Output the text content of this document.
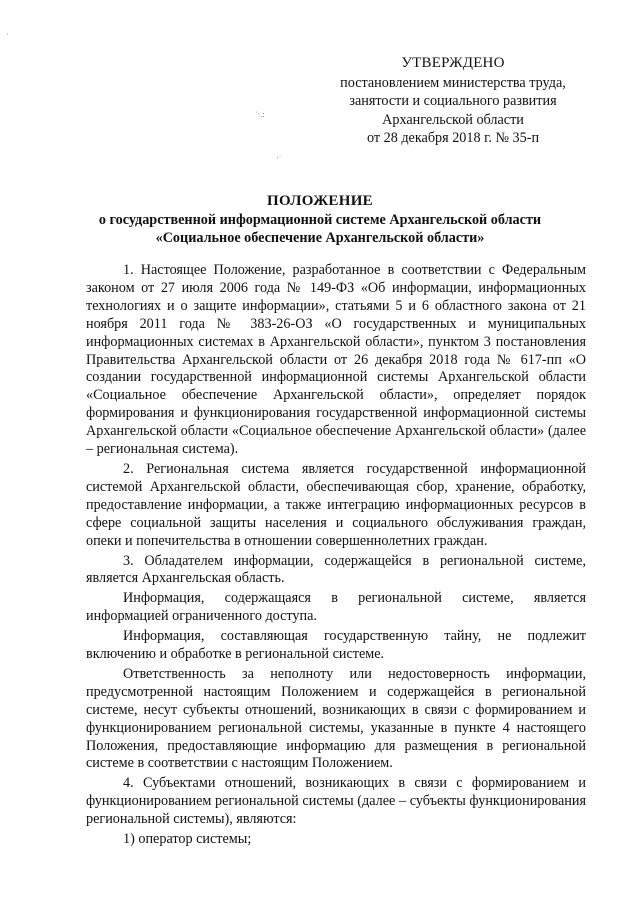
·
˙·.:
·˙
УТВЕРЖДЕНО
постановлением министерства труда,
занятости и социального развития
Архангельской области
от 28 декабря 2018 г. № 35-п
ПОЛОЖЕНИЕ
о государственной информационной системе Архангельской области
«Социальное обеспечение Архангельской области»

1. Настоящее Положение, разработанное в соответствии с Федеральным законом от 27 июля 2006 года № 149-ФЗ «Об информации, информационных технологиях и о защите информации», статьями 5 и 6 областного закона от 21 ноября 2011 года № 383-26-ОЗ «О государственных и муниципальных информационных системах в Архангельской области», пунктом 3 постановления Правительства Архангельской области от 26 декабря 2018 года № 617-пп «О создании государственной информационной системы Архангельской области «Социальное обеспечение Архангельской области», определяет порядок формирования и функционирования государственной информационной системы Архангельской области «Социальное обеспечение Архангельской области» (далее – региональная система).

2. Региональная система является государственной информационной системой Архангельской области, обеспечивающая сбор, хранение, обработку, предоставление информации, а также интеграцию информационных ресурсов в сфере социальной защиты населения и социального обслуживания граждан, опеки и попечительства в отношении совершеннолетних граждан.

3. Обладателем информации, содержащейся в региональной системе, является Архангельская область.

Информация, содержащаяся в региональной системе, является информацией ограниченного доступа.

Информация, составляющая государственную тайну, не подлежит включению и обработке в региональной системе.

Ответственность за неполноту или недостоверность информации, предусмотренной настоящим Положением и содержащейся в региональной системе, несут субъекты отношений, возникающих в связи с формированием и функционированием региональной системы, указанные в пункте 4 настоящего Положения, предоставляющие информацию для размещения в региональной системе в соответствии с настоящим Положением.

4. Субъектами отношений, возникающих в связи с формированием и функционированием региональной системы (далее – субъекты функционирования региональной системы), являются:

1) оператор системы;
